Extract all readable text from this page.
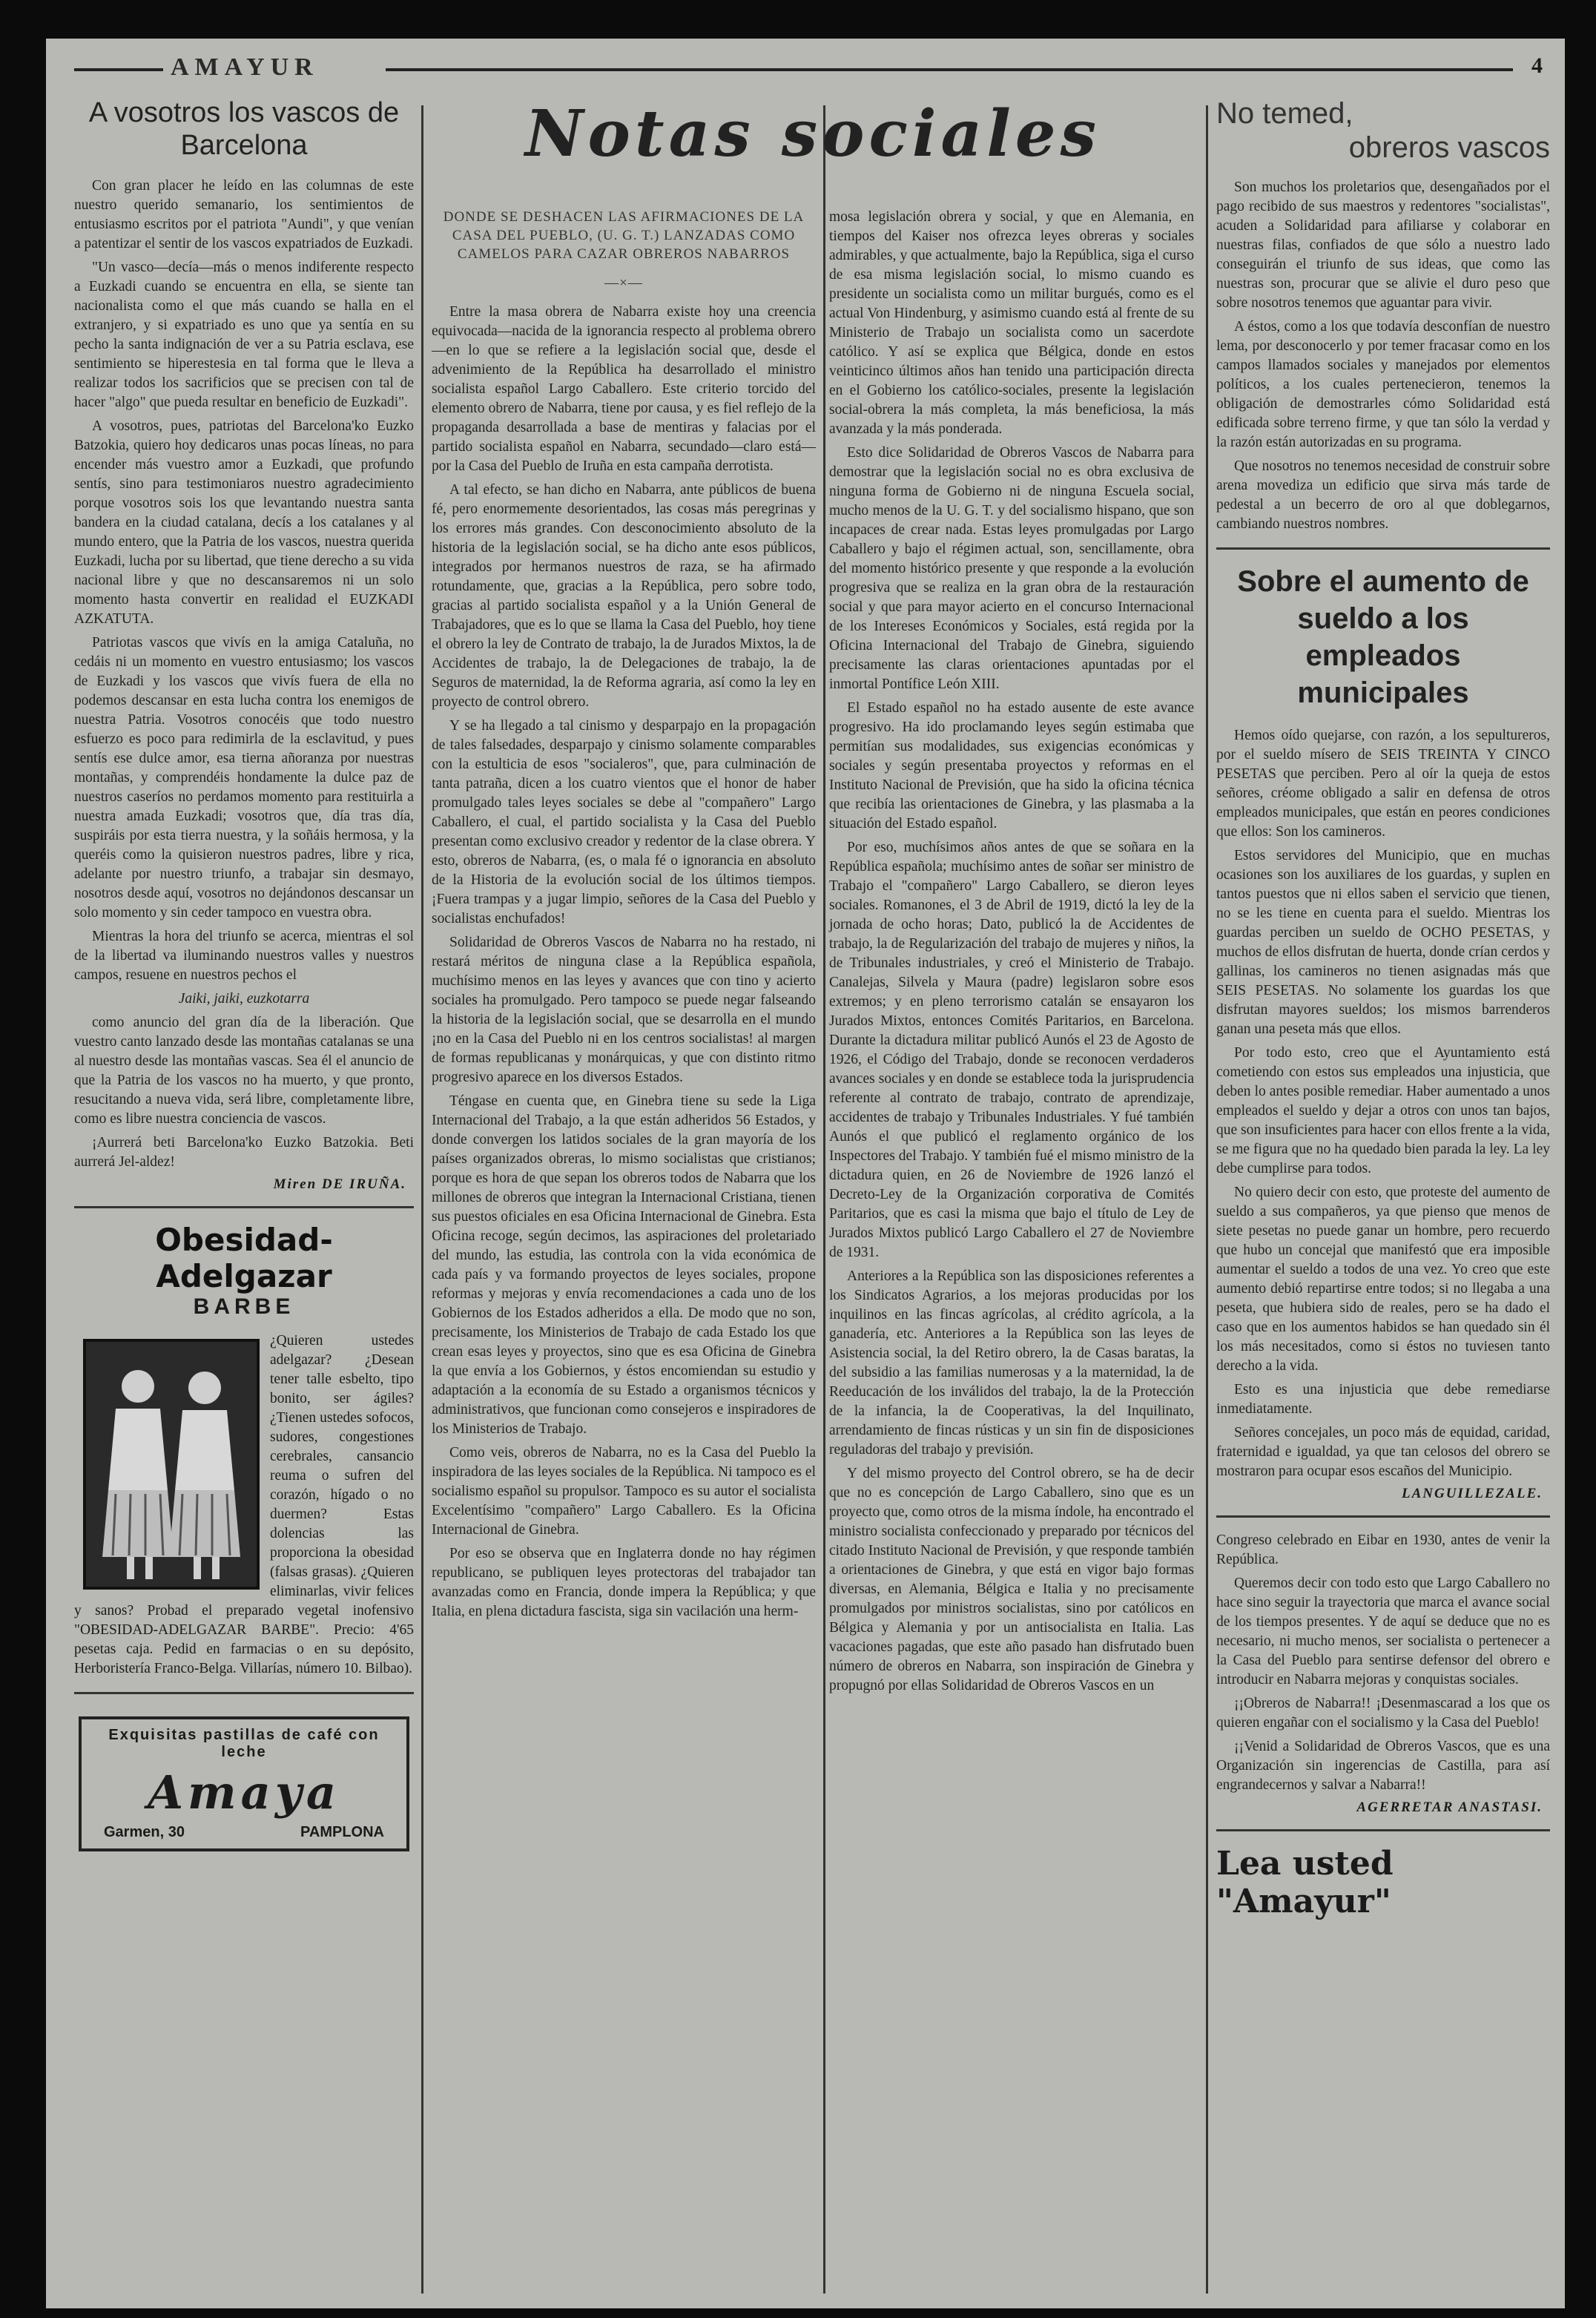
AMAYUR	4
A vosotros los vascos de Barcelona

Con gran placer he leído en las columnas de este nuestro querido semanario, los sentimientos de entusiasmo escritos por el patriota "Aundi", y que venían a patentizar el sentir de los vascos expatriados de Euzkadi.

"Un vasco—decía—más o menos indiferente respecto a Euzkadi cuando se encuentra en ella, se siente tan nacionalista como el que más cuando se halla en el extranjero, y si expatriado es uno que ya sentía en su pecho la santa indignación de ver a su Patria esclava, ese sentimiento se hiperestesia en tal forma que le lleva a realizar todos los sacrificios que se precisen con tal de hacer "algo" que pueda resultar en beneficio de Euzkadi".

A vosotros, pues, patriotas del Barcelona'ko Euzko Batzokia, quiero hoy dedicaros unas pocas líneas, no para encender más vuestro amor a Euzkadi, que profundo sentís, sino para testimoniaros nuestro agradecimiento porque vosotros sois los que levantando nuestra santa bandera en la ciudad catalana, decís a los catalanes y al mundo entero, que la Patria de los vascos, nuestra querida Euzkadi, lucha por su libertad, que tiene derecho a su vida nacional libre y que no descansaremos ni un solo momento hasta convertir en realidad el EUZKADI AZKATUTA.

Patriotas vascos que vivís en la amiga Cataluña, no cedáis ni un momento en vuestro entusiasmo; los vascos de Euzkadi y los vascos que vivís fuera de ella no podemos descansar en esta lucha contra los enemigos de nuestra Patria. Vosotros conocéis que todo nuestro esfuerzo es poco para redimirla de la esclavitud, y pues sentís ese dulce amor, esa tierna añoranza por nuestras montañas, y comprendéis hondamente la dulce paz de nuestros caseríos no perdamos momento para restituirla a nuestra amada Euzkadi; vosotros que, día tras día, suspiráis por esta tierra nuestra, y la soñáis hermosa, y la queréis como la quisieron nuestros padres, libre y rica, adelante por nuestro triunfo, a trabajar sin desmayo, nosotros desde aquí, vosotros no dejándonos descansar un solo momento y sin ceder tampoco en vuestra obra.

Mientras la hora del triunfo se acerca, mientras el sol de la libertad va iluminando nuestros valles y nuestros campos, resuene en nuestros pechos el

Jaiki, jaiki, euzkotarra

como anuncio del gran día de la liberación. Que vuestro canto lanzado desde las montañas catalanas se una al nuestro desde las montañas vascas. Sea él el anuncio de que la Patria de los vascos no ha muerto, y que pronto, resucitando a nueva vida, será libre, completamente libre, como es libre nuestra conciencia de vascos.

¡Aurrerá beti Barcelona'ko Euzko Batzokia. Beti aurrerá Jel-aldez!

Miren DE IRUÑA.
Obesidad- Adelgazar
BARBE
¿Quieren ustedes adelgazar? ¿Desean tener talle esbelto, tipo bonito, ser ágiles? ¿Tienen ustedes sofocos, sudores, congestiones cerebrales, cansancio reuma o sufren del corazón, hígado o no duermen? Estas dolencias las proporciona la obesidad (falsas grasas). ¿Quieren eliminarlas, vivir felices y sanos? Probad el preparado vegetal inofensivo "OBESIDAD-ADELGAZAR BARBE". Precio: 4'65 pesetas caja. Pedid en farmacias o en su depósito, Herboristería Franco-Belga. Villarías, número 10. Bilbao).
Exquisitas pastillas de café con leche
Amaya
Garmen, 30	PAMPLONA
Notas sociales
DONDE SE DESHACEN LAS AFIRMACIONES DE LA CASA DEL PUEBLO, (U. G. T.) LANZADAS COMO CAMELOS PARA CAZAR OBREROS NABARROS
—×—

Entre la masa obrera de Nabarra existe hoy una creencia equivocada—nacida de la ignorancia respecto al problema obrero—en lo que se refiere a la legislación social que, desde el advenimiento de la República ha desarrollado el ministro socialista español Largo Caballero. Este criterio torcido del elemento obrero de Nabarra, tiene por causa, y es fiel reflejo de la propaganda desarrollada a base de mentiras y falacias por el partido socialista español en Nabarra, secundado—claro está—por la Casa del Pueblo de Iruña en esta campaña derrotista.

A tal efecto, se han dicho en Nabarra, ante públicos de buena fé, pero enormemente desorientados, las cosas más peregrinas y los errores más grandes. Con desconocimiento absoluto de la historia de la legislación social, se ha dicho ante esos públicos, integrados por hermanos nuestros de raza, se ha afirmado rotundamente, que, gracias a la República, pero sobre todo, gracias al partido socialista español y a la Unión General de Trabajadores, que es lo que se llama la Casa del Pueblo, hoy tiene el obrero la ley de Contrato de trabajo, la de Jurados Mixtos, la de Accidentes de trabajo, la de Delegaciones de trabajo, la de Seguros de maternidad, la de Reforma agraria, así como la ley en proyecto de control obrero.

Y se ha llegado a tal cinismo y desparpajo en la propagación de tales falsedades, desparpajo y cinismo solamente comparables con la estulticia de esos "socialeros", que, para culminación de tanta patraña, dicen a los cuatro vientos que el honor de haber promulgado tales leyes sociales se debe al "compañero" Largo Caballero, el cual, el partido socialista y la Casa del Pueblo presentan como exclusivo creador y redentor de la clase obrera. Y esto, obreros de Nabarra, (es, o mala fé o ignorancia en absoluto de la Historia de la evolución social de los últimos tiempos. ¡Fuera trampas y a jugar limpio, señores de la Casa del Pueblo y socialistas enchufados!

Solidaridad de Obreros Vascos de Nabarra no ha restado, ni restará méritos de ninguna clase a la República española, muchísimo menos en las leyes y avances que con tino y acierto sociales ha promulgado. Pero tampoco se puede negar falseando la historia de la legislación social, que se desarrolla en el mundo ¡no en la Casa del Pueblo ni en los centros socialistas! al margen de formas republicanas y monárquicas, y que con distinto ritmo progresivo aparece en los diversos Estados.

Téngase en cuenta que, en Ginebra tiene su sede la Liga Internacional del Trabajo, a la que están adheridos 56 Estados, y donde convergen los latidos sociales de la gran mayoría de los países organizados obreras, lo mismo socialistas que cristianos; porque es hora de que sepan los obreros todos de Nabarra que los millones de obreros que integran la Internacional Cristiana, tienen sus puestos oficiales en esa Oficina Internacional de Ginebra. Esta Oficina recoge, según decimos, las aspiraciones del proletariado del mundo, las estudia, las controla con la vida económica de cada país y va formando proyectos de leyes sociales, propone reformas y mejoras y envía recomendaciones a cada uno de los Gobiernos de los Estados adheridos a ella. De modo que no son, precisamente, los Ministerios de Trabajo de cada Estado los que crean esas leyes y proyectos, sino que es esa Oficina de Ginebra la que envía a los Gobiernos, y éstos encomiendan su estudio y adaptación a la economía de su Estado a organismos técnicos y administrativos, que funcionan como consejeros e inspiradores de los Ministerios de Trabajo.

Como veis, obreros de Nabarra, no es la Casa del Pueblo la inspiradora de las leyes sociales de la República. Ni tampoco es el socialismo español su propulsor. Tampoco es su autor el socialista Excelentísimo "compañero" Largo Caballero. Es la Oficina Internacional de Ginebra.

Por eso se observa que en Inglaterra donde no hay régimen republicano, se publiquen leyes protectoras del trabajador tan avanzadas como en Francia, donde impera la República; y que Italia, en plena dictadura fascista, siga sin vacilación una herm-

mosa legislación obrera y social, y que en Alemania, en tiempos del Kaiser nos ofrezca leyes obreras y sociales admirables, y que actualmente, bajo la República, siga el curso de esa misma legislación social, lo mismo cuando es presidente un socialista como un militar burgués, como es el actual Von Hindenburg, y asimismo cuando está al frente de su Ministerio de Trabajo un socialista como un sacerdote católico. Y así se explica que Bélgica, donde en estos veinticinco últimos años han tenido una participación directa en el Gobierno los católico-sociales, presente la legislación social-obrera la más completa, la más beneficiosa, la más avanzada y la más ponderada.

Esto dice Solidaridad de Obreros Vascos de Nabarra para demostrar que la legislación social no es obra exclusiva de ninguna forma de Gobierno ni de ninguna Escuela social, mucho menos de la U. G. T. y del socialismo hispano, que son incapaces de crear nada. Estas leyes promulgadas por Largo Caballero y bajo el régimen actual, son, sencillamente, obra del momento histórico presente y que responde a la evolución progresiva que se realiza en la gran obra de la restauración social y que para mayor acierto en el concurso Internacional de los Intereses Económicos y Sociales, está regida por la Oficina Internacional del Trabajo de Ginebra, siguiendo precisamente las claras orientaciones apuntadas por el inmortal Pontífice León XIII.

El Estado español no ha estado ausente de este avance progresivo. Ha ido proclamando leyes según estimaba que permitían sus modalidades, sus exigencias económicas y sociales y según presentaba proyectos y reformas en el Instituto Nacional de Previsión, que ha sido la oficina técnica que recibía las orientaciones de Ginebra, y las plasmaba a la situación del Estado español.

Por eso, muchísimos años antes de que se soñara en la República española; muchísimo antes de soñar ser ministro de Trabajo el "compañero" Largo Caballero, se dieron leyes sociales. Romanones, el 3 de Abril de 1919, dictó la ley de la jornada de ocho horas; Dato, publicó la de Accidentes de trabajo, la de Regularización del trabajo de mujeres y niños, la de Tribunales industriales, y creó el Ministerio de Trabajo. Canalejas, Silvela y Maura (padre) legislaron sobre esos extremos; y en pleno terrorismo catalán se ensayaron los Jurados Mixtos, entonces Comités Paritarios, en Barcelona. Durante la dictadura militar publicó Aunós el 23 de Agosto de 1926, el Código del Trabajo, donde se reconocen verdaderos avances sociales y en donde se establece toda la jurisprudencia referente al contrato de trabajo, contrato de aprendizaje, accidentes de trabajo y Tribunales Industriales. Y fué también Aunós el que publicó el reglamento orgánico de los Inspectores del Trabajo. Y también fué el mismo ministro de la dictadura quien, en 26 de Noviembre de 1926 lanzó el Decreto-Ley de la Organización corporativa de Comités Paritarios, que es casi la misma que bajo el título de Ley de Jurados Mixtos publicó Largo Caballero el 27 de Noviembre de 1931.

Anteriores a la República son las disposiciones referentes a los Sindicatos Agrarios, a los mejoras producidas por los inquilinos en las fincas agrícolas, al crédito agrícola, a la ganadería, etc. Anteriores a la República son las leyes de Asistencia social, la del Retiro obrero, la de Casas baratas, la del subsidio a las familias numerosas y a la maternidad, la de Reeducación de los inválidos del trabajo, la de la Protección de la infancia, la de Cooperativas, la del Inquilinato, arrendamiento de fincas rústicas y un sin fin de disposiciones reguladoras del trabajo y previsión.

Y del mismo proyecto del Control obrero, se ha de decir que no es concepción de Largo Caballero, sino que es un proyecto que, como otros de la misma índole, ha encontrado el ministro socialista confeccionado y preparado por técnicos del citado Instituto Nacional de Previsión, y que responde también a orientaciones de Ginebra, y que está en vigor bajo formas diversas, en Alemania, Bélgica e Italia y no precisamente promulgados por ministros socialistas, sino por católicos en Bélgica y Alemania y por un antisocialista en Italia. Las vacaciones pagadas, que este año pasado han disfrutado buen número de obreros en Nabarra, son inspiración de Ginebra y propugnó por ellas Solidaridad de Obreros Vascos en un

No temed,
obreros vascos

Son muchos los proletarios que, desengañados por el pago recibido de sus maestros y redentores "socialistas", acuden a Solidaridad para afiliarse y colaborar en nuestras filas, confiados de que sólo a nuestro lado conseguirán el triunfo de sus ideas, que como las nuestras son, procurar que se alivie el duro peso que sobre nosotros tenemos que aguantar para vivir.

A éstos, como a los que todavía desconfían de nuestro lema, por desconocerlo y por temer fracasar como en los campos llamados sociales y manejados por elementos políticos, a los cuales pertenecieron, tenemos la obligación de demostrarles cómo Solidaridad está edificada sobre terreno firme, y que tan sólo la verdad y la razón están autorizadas en su programa.

Que nosotros no tenemos necesidad de construir sobre arena movediza un edificio que sirva más tarde de pedestal a un becerro de oro al que doblegarnos, cambiando nuestros nombres.

Sobre el aumento de sueldo a los empleados municipales

Hemos oído quejarse, con razón, a los sepultureros, por el sueldo mísero de SEIS TREINTA Y CINCO PESETAS que perciben. Pero al oír la queja de estos señores, créome obligado a salir en defensa de otros empleados municipales, que están en peores condiciones que ellos: Son los camineros.

Estos servidores del Municipio, que en muchas ocasiones son los auxiliares de los guardas, y suplen en tantos puestos que ni ellos saben el servicio que tienen, no se les tiene en cuenta para el sueldo. Mientras los guardas perciben un sueldo de OCHO PESETAS, y muchos de ellos disfrutan de huerta, donde crían cerdos y gallinas, los camineros no tienen asignadas más que SEIS PESETAS. No solamente los guardas los que disfrutan mayores sueldos; los mismos barrenderos ganan una peseta más que ellos.

Por todo esto, creo que el Ayuntamiento está cometiendo con estos sus empleados una injusticia, que deben lo antes posible remediar. Haber aumentado a unos empleados el sueldo y dejar a otros con unos tan bajos, que son insuficientes para hacer con ellos frente a la vida, se me figura que no ha quedado bien parada la ley. La ley debe cumplirse para todos.

No quiero decir con esto, que proteste del aumento de sueldo a sus compañeros, ya que pienso que menos de siete pesetas no puede ganar un hombre, pero recuerdo que hubo un concejal que manifestó que era imposible aumentar el sueldo a todos de una vez. Yo creo que este aumento debió repartirse entre todos; si no llegaba a una peseta, que hubiera sido de reales, pero se ha dado el caso que en los aumentos habidos se han quedado sin él los más necesitados, como si éstos no tuviesen tanto derecho a la vida.

Esto es una injusticia que debe remediarse inmediatamente.

Señores concejales, un poco más de equidad, caridad, fraternidad e igualdad, ya que tan celosos del obrero se mostraron para ocupar esos escaños del Municipio.

LANGUILLEZALE.

Congreso celebrado en Eibar en 1930, antes de venir la República.

Queremos decir con todo esto que Largo Caballero no hace sino seguir la trayectoria que marca el avance social de los tiempos presentes. Y de aquí se deduce que no es necesario, ni mucho menos, ser socialista o pertenecer a la Casa del Pueblo para sentirse defensor del obrero e introducir en Nabarra mejoras y conquistas sociales.

¡¡Obreros de Nabarra!! ¡Desenmascarad a los que os quieren engañar con el socialismo y la Casa del Pueblo!

¡¡Venid a Solidaridad de Obreros Vascos, que es una Organización sin ingerencias de Castilla, para así engrandecernos y salvar a Nabarra!!

AGERRETAR ANASTASI.
Lea usted "Amayur"
